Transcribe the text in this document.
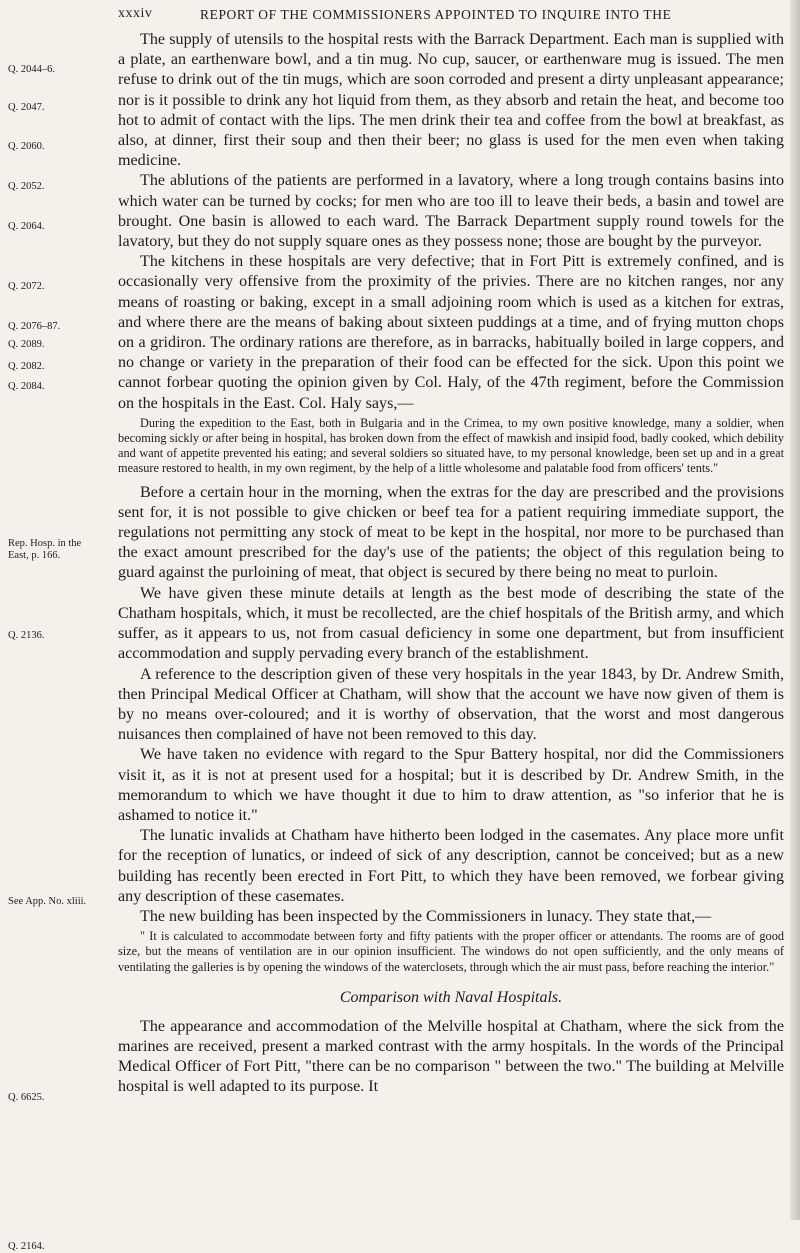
xxxiv	REPORT OF THE COMMISSIONERS APPOINTED TO INQUIRE INTO THE
Q. 2044–6.
Q. 2047.
Q. 2060.
Q. 2052.
Q. 2064.
Q. 2072.
Q. 2076–87.
Q. 2089.
Q. 2082.
Q. 2084.
Rep. Hosp. in the East, p. 166.
Q. 2136.
See App. No. xliii.
Q. 6625.
Q. 2164.

The supply of utensils to the hospital rests with the Barrack Department. Each man is supplied with a plate, an earthenware bowl, and a tin mug. No cup, saucer, or earthenware mug is issued. The men refuse to drink out of the tin mugs, which are soon corroded and present a dirty unpleasant appearance; nor is it possible to drink any hot liquid from them, as they absorb and retain the heat, and become too hot to admit of contact with the lips. The men drink their tea and coffee from the bowl at breakfast, as also, at dinner, first their soup and then their beer; no glass is used for the men even when taking medicine.

The ablutions of the patients are performed in a lavatory, where a long trough contains basins into which water can be turned by cocks; for men who are too ill to leave their beds, a basin and towel are brought. One basin is allowed to each ward. The Barrack Department supply round towels for the lavatory, but they do not supply square ones as they possess none; those are bought by the purveyor.

The kitchens in these hospitals are very defective; that in Fort Pitt is extremely confined, and is occasionally very offensive from the proximity of the privies. There are no kitchen ranges, nor any means of roasting or baking, except in a small adjoining room which is used as a kitchen for extras, and where there are the means of baking about sixteen puddings at a time, and of frying mutton chops on a gridiron. The ordinary rations are therefore, as in barracks, habitually boiled in large coppers, and no change or variety in the preparation of their food can be effected for the sick. Upon this point we cannot forbear quoting the opinion given by Col. Haly, of the 47th regiment, before the Commission on the hospitals in the East. Col. Haly says,—

During the expedition to the East, both in Bulgaria and in the Crimea, to my own positive knowledge, many a soldier, when becoming sickly or after being in hospital, has broken down from the effect of mawkish and insipid food, badly cooked, which debility and want of appetite prevented his eating; and several soldiers so situated have, to my personal knowledge, been set up and in a great measure restored to health, in my own regiment, by the help of a little wholesome and palatable food from officers' tents."

Before a certain hour in the morning, when the extras for the day are prescribed and the provisions sent for, it is not possible to give chicken or beef tea for a patient requiring immediate support, the regulations not permitting any stock of meat to be kept in the hospital, nor more to be purchased than the exact amount prescribed for the day's use of the patients; the object of this regulation being to guard against the purloining of meat, that object is secured by there being no meat to purloin.

We have given these minute details at length as the best mode of describing the state of the Chatham hospitals, which, it must be recollected, are the chief hospitals of the British army, and which suffer, as it appears to us, not from casual deficiency in some one department, but from insufficient accommodation and supply pervading every branch of the establishment.

A reference to the description given of these very hospitals in the year 1843, by Dr. Andrew Smith, then Principal Medical Officer at Chatham, will show that the account we have now given of them is by no means over-coloured; and it is worthy of observation, that the worst and most dangerous nuisances then complained of have not been removed to this day.

We have taken no evidence with regard to the Spur Battery hospital, nor did the Commissioners visit it, as it is not at present used for a hospital; but it is described by Dr. Andrew Smith, in the memorandum to which we have thought it due to him to draw attention, as "so inferior that he is ashamed to notice it."

The lunatic invalids at Chatham have hitherto been lodged in the casemates. Any place more unfit for the reception of lunatics, or indeed of sick of any description, cannot be conceived; but as a new building has recently been erected in Fort Pitt, to which they have been removed, we forbear giving any description of these casemates.

The new building has been inspected by the Commissioners in lunacy. They state that,—

" It is calculated to accommodate between forty and fifty patients with the proper officer or attendants. The rooms are of good size, but the means of ventilation are in our opinion insufficient. The windows do not open sufficiently, and the only means of ventilating the galleries is by opening the windows of the waterclosets, through which the air must pass, before reaching the interior."

Comparison with Naval Hospitals.

The appearance and accommodation of the Melville hospital at Chatham, where the sick from the marines are received, present a marked contrast with the army hospitals. In the words of the Principal Medical Officer of Fort Pitt, "there can be no comparison " between the two." The building at Melville hospital is well adapted to its purpose. It
